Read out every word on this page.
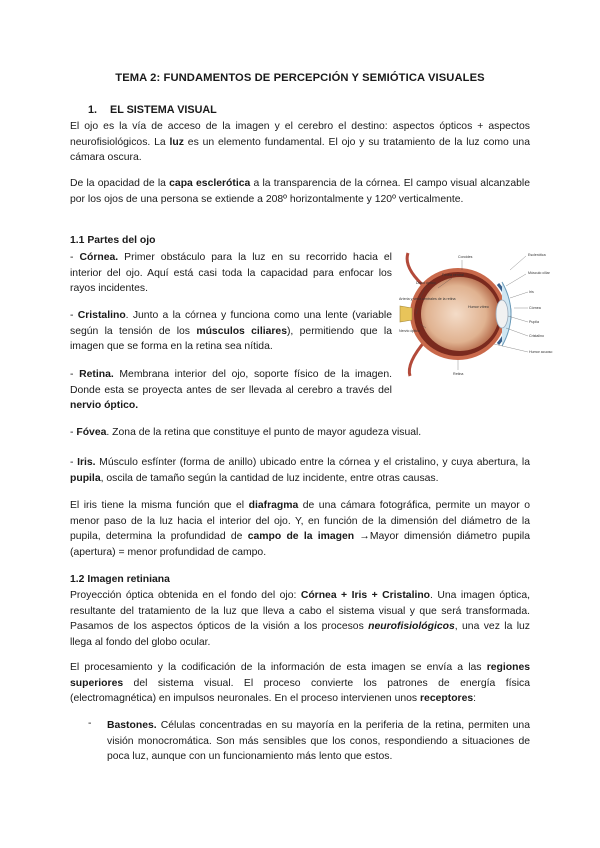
TEMA 2: FUNDAMENTOS DE PERCEPCIÓN Y SEMIÓTICA VISUALES
1. EL SISTEMA VISUAL

El ojo es la vía de acceso de la imagen y el cerebro el destino: aspectos ópticos + aspectos neurofisiológicos. La luz es un elemento fundamental. El ojo y su tratamiento de la luz como una cámara oscura.

De la opacidad de la capa esclerótica a la transparencia de la córnea. El campo visual alcanzable por los ojos de una persona se extiende a 208º horizontalmente y 120º verticalmente.

1.1 Partes del ojo

- Córnea. Primer obstáculo para la luz en su recorrido hacia el interior del ojo. Aquí está casi toda la capacidad para enfocar los rayos incidentes.

- Cristalino. Junto a la córnea y funciona como una lente (variable según la tensión de los músculos ciliares), permitiendo que la imagen que se forma en la retina sea nítida.

- Retina. Membrana interior del ojo, soporte físico de la imagen. Donde esta se proyecta antes de ser llevada al cerebro a través del nervio óptico.

Coroides
Fóvea central
Disco óptico
Arteria y vena centrales de la retina
Nervio óptico
Retina
Esclerótica
Músculo ciliar
Iris
Córnea
Pupila
Cristalino
Humor acuoso
Humor vítreo

- Fóvea. Zona de la retina que constituye el punto de mayor agudeza visual.

- Iris. Músculo esfínter (forma de anillo) ubicado entre la córnea y el cristalino, y cuya abertura, la pupila, oscila de tamaño según la cantidad de luz incidente, entre otras causas.

El iris tiene la misma función que el diafragma de una cámara fotográfica, permite un mayor o menor paso de la luz hacia el interior del ojo. Y, en función de la dimensión del diámetro de la pupila, determina la profundidad de campo de la imagen →Mayor dimensión diámetro pupila (apertura) = menor profundidad de campo.

1.2 Imagen retiniana

Proyección óptica obtenida en el fondo del ojo: Córnea + Iris + Cristalino. Una imagen óptica, resultante del tratamiento de la luz que lleva a cabo el sistema visual y que será transformada. Pasamos de los aspectos ópticos de la visión a los procesos neurofisiológicos, una vez la luz llega al fondo del globo ocular.

El procesamiento y la codificación de la información de esta imagen se envía a las regiones superiores del sistema visual. El proceso convierte los patrones de energía física (electromagnética) en impulsos neuronales. En el proceso intervienen unos receptores:

- Bastones. Células concentradas en su mayoría en la periferia de la retina, permiten una visión monocromática. Son más sensibles que los conos, respondiendo a situaciones de poca luz, aunque con un funcionamiento más lento que estos.
